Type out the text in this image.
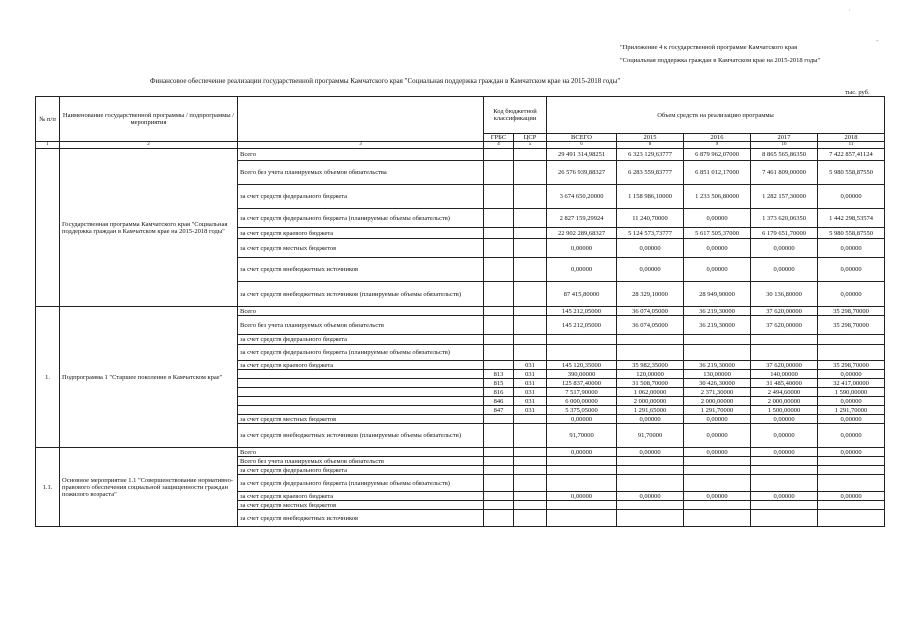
"Приложение 4 к государственной программе Камчатского края
"Социальная поддержка граждан в Камчатском крае на 2015-2018 годы"
Финансовое обеспечение реализации государственной программы Камчатского края "Социальная поддержка граждан в Камчатском крае на 2015-2018 годы"
тыс. руб.
˙
-
№ п/п	Наименование государственной программы / подпрограммы / мероприятия		Код бюджетной классификации		Объем средств на реализацию программы				
			ГРБС	ЦСР	ВСЕГО	2015	2016	2017	2018
1	2	3	4	5	6	8	9	10	11
	Государственная программа Камчатского края "Социальная поддержка граждан в Камчатском крае на 2015-2018 годы"	Всего			29 491 314,98251	6 323 129,63777	6 879 962,07000	8 865 565,86350	7 422 857,41124
		Всего без учета планируемых объемов обязательства			26 576 939,88327	6 283 559,83777	6 851 012,17000	7 461 809,00000	5 980 558,87550
		за счет средств федерального бюджета			3 674 650,20000	1 158 986,10000	1 233 506,80000	1 282 157,30000	0,00000
		за счет средств федерального бюджета (планируемые объемы обязательств)			2 827 159,29924	11 240,70000	0,00000	1 373 620,06350	1 442 298,53574
		за счет средств краевого бюджета			22 902 289,68327	5 124 573,73777	5 617 505,37000	6 179 651,70000	5 980 558,87550
		за счет средств местных бюджетов			0,00000	0,00000	0,00000	0,00000	0,00000
		за счет средств внебюджетных источников			0,00000	0,00000	0,00000	0,00000	0,00000
		за счет средств внебюджетных источников (планируемые объемы обязательств)			87 415,80000	28 329,10000	28 949,90000	30 136,80000	0,00000
1.	Подпрограмма 1 "Старшее поколение в Камчатском крае"	Всего			145 212,05000	36 074,05000	36 219,30000	37 620,00000	35 298,70000
		Всего без учета планируемых объемов обязательств			145 212,05000	36 074,05000	36 219,30000	37 620,00000	35 298,70000
		за счет средств федерального бюджета							
		за счет средств федерального бюджета (планируемые объемы обязательств)							
		за счет средств краевого бюджета		031	145 120,35000	35 982,35000	36 219,30000	37 620,00000	35 298,70000
			813	031	390,00000	120,00000	130,00000	140,00000	0,00000
			815	031	125 837,40000	31 508,70000	30 426,30000	31 485,40000	32 417,00000
			816	031	7 517,90000	1 062,00000	2 371,30000	2 494,60000	1 590,00000
			846	031	6 000,00000	2 000,00000	2 000,00000	2 000,00000	0,00000
			847	031	5 375,05000	1 291,65000	1 291,70000	1 500,00000	1 291,70000
		за счет средств местных бюджетов			0,00000	0,00000	0,00000	0,00000	0,00000
		за счет средств внебюджетных источников (планируемые объемы обязательств)			91,70000	91,70000	0,00000	0,00000	0,00000
1.1.	Основное мероприятие 1.1 "Совершенствование нормативно-правового обеспечения социальной защищенности граждан пожилого возраста"	Всего			0,00000	0,00000	0,00000	0,00000	0,00000
		Всего без учета планируемых объемов обязательств							
		за счет средств федерального бюджета							
		за счет средств федерального бюджета (планируемые объемы обязательств)							
		за счет средств краевого бюджета			0,00000	0,00000	0,00000	0,00000	0,00000
		за счет средств местных бюджетов							
		за счет средств внебюджетных источников							
